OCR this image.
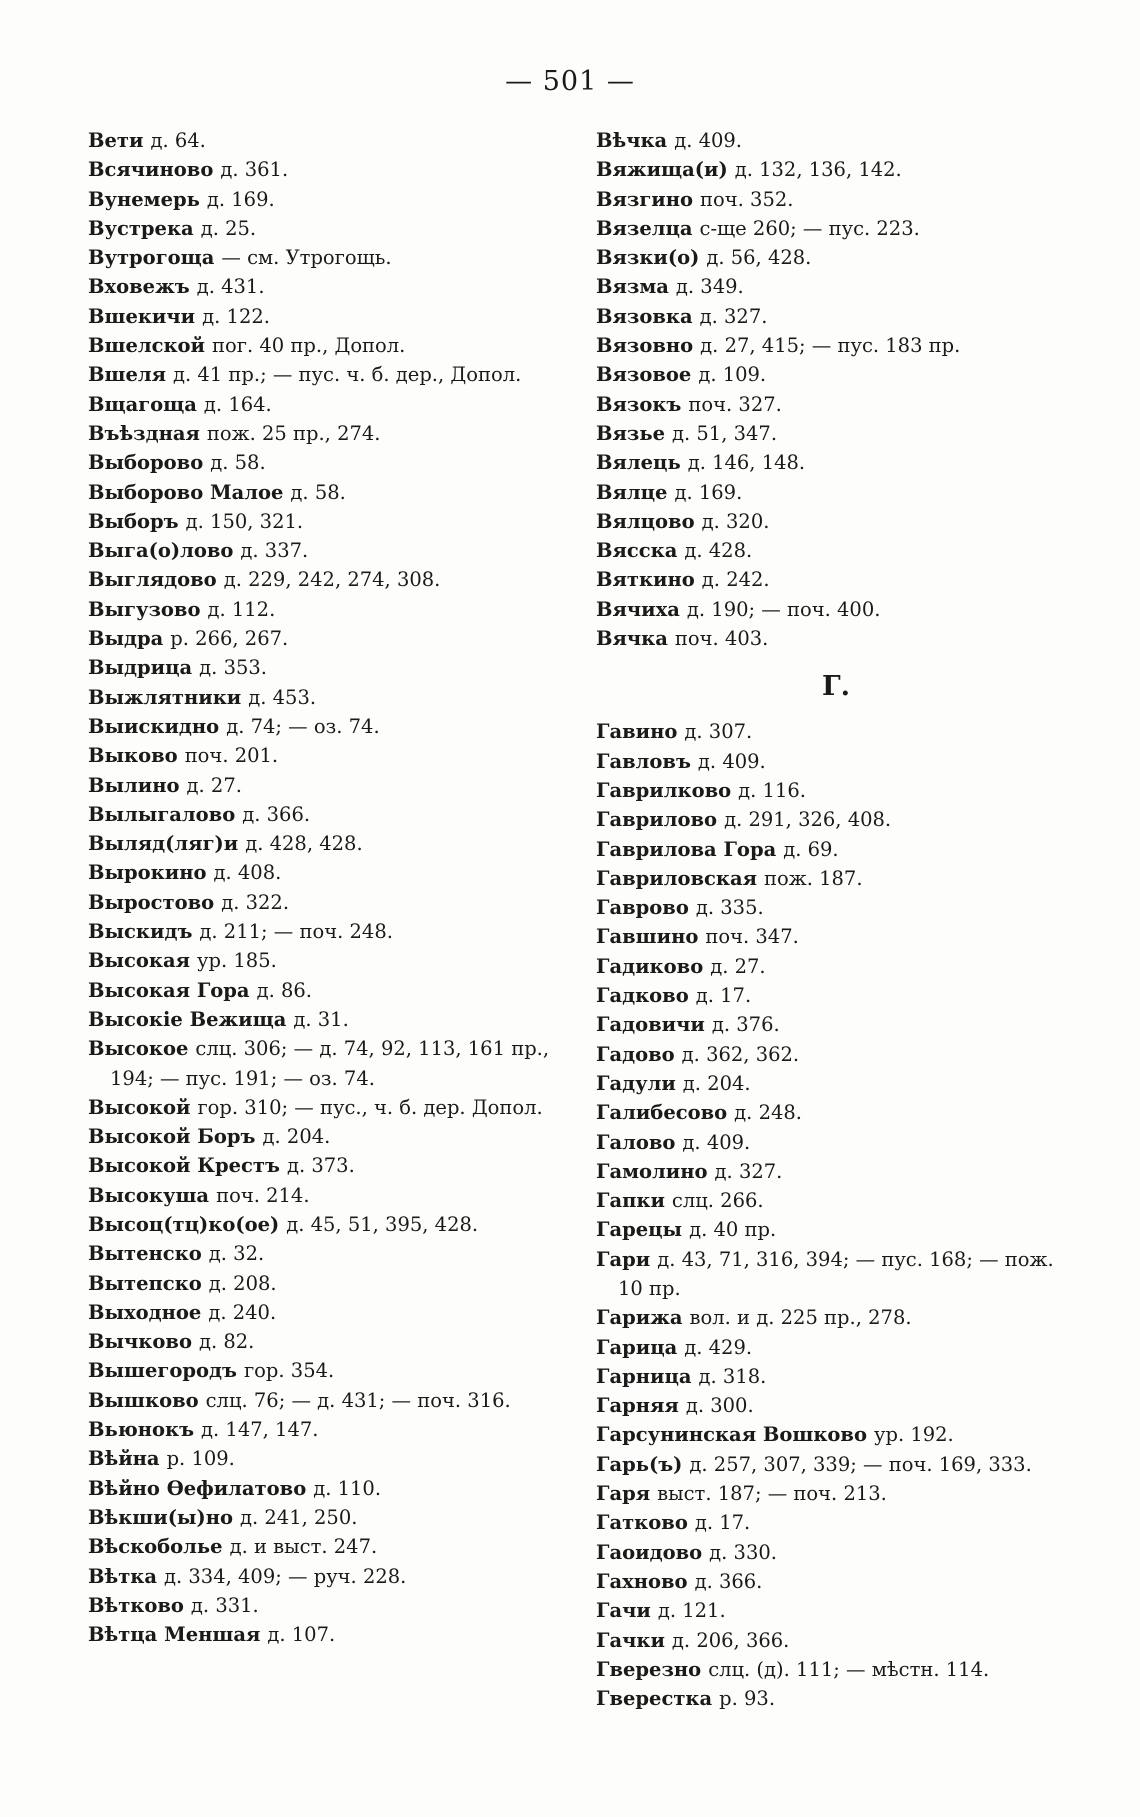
— 501 —
Вети д. 64.
Всячиново д. 361.
Вунемерь д. 169.
Вустрека д. 25.
Вутрогоща — см. Утрогощь.
Вховежъ д. 431.
Вшекичи д. 122.
Вшелской пог. 40 пр., Допол.
Вшеля д. 41 пр.; — пус. ч. б. дер., Допол.
Вщагоща д. 164.
Въѣздная пож. 25 пр., 274.
Выборово д. 58.
Выборово Малое д. 58.
Выборъ д. 150, 321.
Выга(о)лово д. 337.
Выглядово д. 229, 242, 274, 308.
Выгузово д. 112.
Выдра р. 266, 267.
Выдрица д. 353.
Выжлятники д. 453.
Выискидно д. 74; — оз. 74.
Выково поч. 201.
Вылино д. 27.
Вылыгалово д. 366.
Выляд(ляг)и д. 428, 428.
Вырокино д. 408.
Выростово д. 322.
Выскидъ д. 211; — поч. 248.
Высокая ур. 185.
Высокая Гора д. 86.
Высокіе Вежища д. 31.
Высокое слц. 306; — д. 74, 92, 113, 161 пр., 194; — пус. 191; — оз. 74.
Высокой гор. 310; — пус., ч. б. дер. Допол.
Высокой Боръ д. 204.
Высокой Крестъ д. 373.
Высокуша поч. 214.
Высоц(тц)ко(ое) д. 45, 51, 395, 428.
Вытенско д. 32.
Вытепско д. 208.
Выходное д. 240.
Вычково д. 82.
Вышегородъ гор. 354.
Вышково слц. 76; — д. 431; — поч. 316.
Вьюнокъ д. 147, 147.
Вѣйна р. 109.
Вѣйно Өефилатово д. 110.
Вѣкши(ы)но д. 241, 250.
Вѣскоболье д. и выст. 247.
Вѣтка д. 334, 409; — руч. 228.
Вѣтково д. 331.
Вѣтца Меншая д. 107.
Вѣчка д. 409.
Вяжища(и) д. 132, 136, 142.
Вязгино поч. 352.
Вязелца с-ще 260; — пус. 223.
Вязки(о) д. 56, 428.
Вязма д. 349.
Вязовка д. 327.
Вязовно д. 27, 415; — пус. 183 пр.
Вязовое д. 109.
Вязокъ поч. 327.
Вязье д. 51, 347.
Вялець д. 146, 148.
Вялце д. 169.
Вялцово д. 320.
Вясска д. 428.
Вяткино д. 242.
Вячиха д. 190; — поч. 400.
Вячка поч. 403.
Г.
Гавино д. 307.
Гавловъ д. 409.
Гаврилково д. 116.
Гаврилово д. 291, 326, 408.
Гаврилова Гора д. 69.
Гавриловская пож. 187.
Гаврово д. 335.
Гавшино поч. 347.
Гадиково д. 27.
Гадково д. 17.
Гадовичи д. 376.
Гадово д. 362, 362.
Гадули д. 204.
Галибесово д. 248.
Галово д. 409.
Гамолино д. 327.
Гапки слц. 266.
Гарецы д. 40 пр.
Гари д. 43, 71, 316, 394; — пус. 168; — пож. 10 пр.
Гарижа вол. и д. 225 пр., 278.
Гарица д. 429.
Гарница д. 318.
Гарняя д. 300.
Гарсунинская Вошково ур. 192.
Гарь(ъ) д. 257, 307, 339; — поч. 169, 333.
Гаря выст. 187; — поч. 213.
Гатково д. 17.
Гаоидово д. 330.
Гахново д. 366.
Гачи д. 121.
Гачки д. 206, 366.
Гверезно слц. (д). 111; — мѣстн. 114.
Гверестка р. 93.
